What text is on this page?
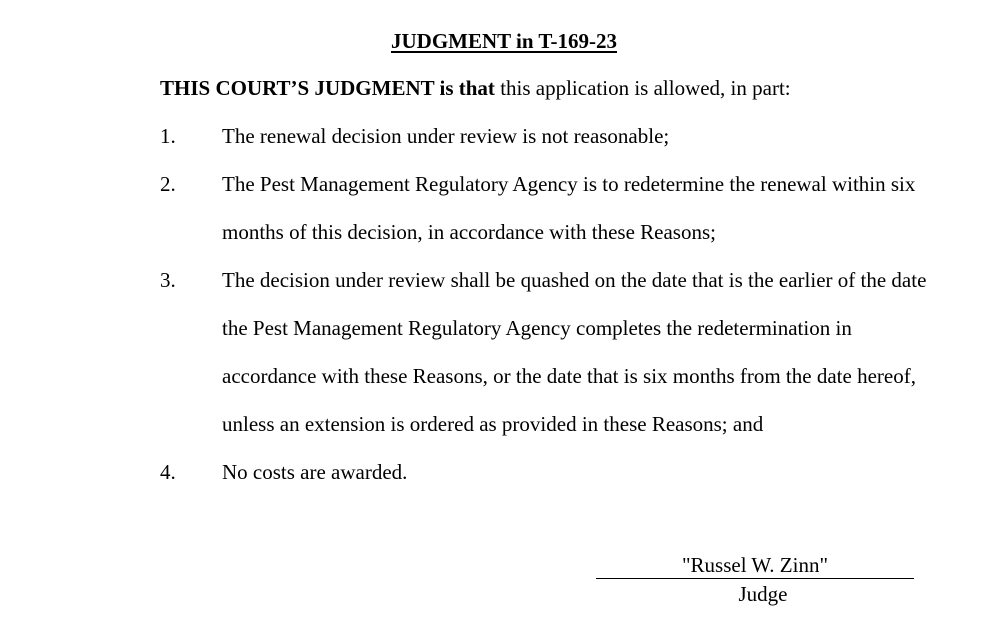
JUDGMENT in T-169-23
THIS COURT’S JUDGMENT is that this application is allowed, in part:
1. The renewal decision under review is not reasonable;
2. The Pest Management Regulatory Agency is to redetermine the renewal within six months of this decision, in accordance with these Reasons;
3. The decision under review shall be quashed on the date that is the earlier of the date the Pest Management Regulatory Agency completes the redetermination in accordance with these Reasons, or the date that is six months from the date hereof, unless an extension is ordered as provided in these Reasons; and
4. No costs are awarded.
"Russel W. Zinn"
Judge
